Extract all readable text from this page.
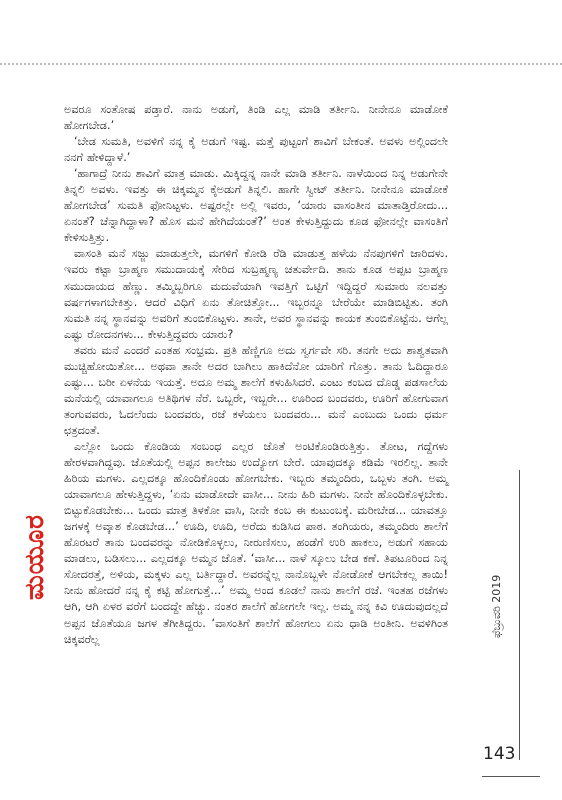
ಅವರೂ ಸಂತೋಷ ಪಡ್ತಾರೆ. ನಾನು ಅಡುಗೆ, ತಿಂಡಿ ಎಲ್ಲ ಮಾಡಿ ತರ್ತೀನಿ. ನೀನೇನೂ ಮಾಡೋಕೆ ಹೋಗಬೇಡ.’

‘ಬೇಡ ಸುಮತಿ, ಅವಳಿಗೆ ನನ್ನ ಕೈ ಅಡುಗೆ ಇಷ್ಟ. ಮತ್ತೆ ಪುಟ್ಟಂಗೆ ಶಾವಿಗೆ ಬೇಕಂತೆ. ಅವಳು ಅಲ್ಲಿಂದಲೇ ನನಗೆ ಹೇಳಿದ್ದಾಳೆ.’

‘ಹಾಗಾದ್ರೆ ನೀನು ಶಾವಿಗೆ ಮಾತ್ರ ಮಾಡು. ಮಿಕ್ಕಿದ್ದನ್ನ ನಾನೇ ಮಾಡಿ ತರ್ತೀನಿ. ನಾಳೆಯಿಂದ ನಿನ್ನ ಅಡುಗೇನೇ ತಿನ್ನಲಿ ಅವಳು. ಇವತ್ತು ಈ ಚಿಕ್ಕಮ್ಮನ ಕೈಅಡುಗೆ ತಿನ್ನಲಿ. ಹಾಗೇ ಸ್ವೀಟ್ ತರ್ತೀನಿ. ನೀನೇನೂ ಮಾಡೋಕೆ ಹೋಗಬೇಡ’ ಸುಮತಿ ಫೋನಿಟ್ಟಳು. ಅಷ್ಟರಲ್ಲೇ ಅಲ್ಲಿ ಇವರು, ‘ಯಾರು ವಾಸಂತೀನ ಮಾತಾಡ್ತಿರೋದು... ಏನಂತೆ? ಚೆನ್ನಾಗಿದ್ದಾಳಾ? ಹೊಸ ಮನೆ ಹೇಗಿದೆಯಂತೆ?’ ಅಂತ ಕೇಳುತ್ತಿದ್ದುದು ಕೂಡ ಫೋನಲ್ಲೇ ವಾಸಂತಿಗೆ ಕೇಳಿಸುತ್ತಿತ್ತು.

ವಾಸಂತಿ ಮನೆ ಸಜ್ಜು ಮಾಡುತ್ತಲೇ, ಮಗಳಿಗೆ ಕೋಡಿ ರೆಡಿ ಮಾಡುತ್ತ ಹಳೆಯ ನೆನಪುಗಳಿಗೆ ಜಾರಿದಳು. ಇವರು ಕಟ್ಟಾ ಬ್ರಾಹ್ಮಣ ಸಮುದಾಯಕ್ಕೆ ಸೇರಿದ ಸುಬ್ರಹ್ಮಣ್ಯ ಚತುರ್ವೇದಿ. ತಾನು ಕೂಡ ಅಪ್ಪಟ ಬ್ರಾಹ್ಮಣ ಸಮುದಾಯದ ಹೆಣ್ಣು. ತಮ್ಮಿಬ್ಬರಿಗೂ ಮದುವೆಯಾಗಿ ಇವತ್ತಿಗೆ ಒಟ್ಟಿಗೆ ಇದ್ದಿದ್ದರೆ ಸುಮಾರು ನಲವತ್ತು ವರ್ಷಗಳಾಗಬೇಕಿತ್ತು. ಆದರೆ ವಿಧಿಗೆ ಏನು ತೋಚಿತ್ತೋ... ಇಬ್ಬರನ್ನೂ ಬೇರೆಯೇ ಮಾಡಿಬಿಟ್ಟಿತು. ತಂಗಿ ಸುಮತಿ ನನ್ನ ಸ್ಥಾನವನ್ನು ಅವರಿಗೆ ತುಂಬಿಕೊಟ್ಟಳು. ತಾನೇ, ಅವರ ಸ್ಥಾನವನ್ನು ಕಾಯಕ ತುಂಬಿಕೊಟ್ಟೆನು. ಆಗೆಲ್ಲ ಎಷ್ಟು ರೋದನಗಳು... ಕೇಳುತ್ತಿದ್ದವರು ಯಾರು?

ತವರು ಮನೆ ಎಂದರೆ ಎಂತಹ ಸಂಭ್ರಮ. ಪ್ರತಿ ಹೆಣ್ಣಿಗೂ ಅದು ಸ್ವರ್ಗವೇ ಸರಿ. ತನಗೇ ಅದು ಶಾಶ್ವತವಾಗಿ ಮುಚ್ಚಿಹೋಯಿತೋ... ಅಥವಾ ತಾನೇ ಅದರ ಬಾಗಿಲು ಹಾಕಿದೆನೋ ಯಾರಿಗೆ ಗೊತ್ತು. ತಾನು ಓದಿದ್ದಾರೂ ಎಷ್ಟು... ಬರೀ ಏಳನೆಯ ಇಯತ್ತೆ. ಅದೂ ಅಮ್ಮ ಶಾಲೆಗೆ ಕಳುಹಿಸಿದರೆ. ಎಂಟು ಕಂಬದ ದೊಡ್ಡ ಪಡಸಾಲೆಯ ಮನೆಯಲ್ಲಿ ಯಾವಾಗಲೂ ಅತಿಥಿಗಳ ನೆರೆ. ಒಬ್ಬರೇ, ಇಬ್ಬರೇ... ಊರಿಂದ ಬಂದವರು, ಊರಿಗೆ ಹೋಗುವಾಗ ತಂಗುವವರು, ಓದಲೆಂದು ಬಂದವರು, ರಜೆ ಕಳೆಯಲು ಬಂದವರು... ಮನೆ ಎಂಬುದು ಒಂದು ಧರ್ಮ ಛತ್ರದಂತೆ.

ಎಲ್ಲೋ ಒಂದು ಕೊಂಡಿಯ ಸಂಬಂಧ ಎಲ್ಲರ ಜೊತೆ ಅಂಟಿಕೊಂಡಿರುತ್ತಿತ್ತು. ತೋಟ, ಗದ್ದೆಗಳು ಹೇರಳವಾಗಿದ್ದವು. ಜೊತೆಯಲ್ಲಿ ಅಪ್ಪನ ಕಾಲೇಜು ಉದ್ಯೋಗ ಬೇರೆ. ಯಾವುದಕ್ಕೂ ಕಡಿಮೆ ಇರಲಿಲ್ಲ. ತಾನೇ ಹಿರಿಯ ಮಗಳು. ಎಲ್ಲದಕ್ಕೂ ಹೊಂದಿಕೊಂಡು ಹೋಗಬೇಕು. ಇಬ್ಬರು ತಮ್ಮಂದಿರು, ಒಬ್ಬಳು ತಂಗಿ. ಅಮ್ಮ ಯಾವಾಗಲೂ ಹೇಳುತ್ತಿದ್ದಳು, ‘ಏನು ಮಾಡೋದೇ ವಾಸೀ... ನೀನು ಹಿರಿ ಮಗಳು. ನೀನೇ ಹೊಂದಿಕೊಳ್ಳಬೇಕು. ಬಿಟ್ಟುಕೊಡಬೇಕು... ಒಂದು ಮಾತ್ರ ತಿಳಕೋ ವಾಸಿ, ನೀನೇ ಕಂಬ ಈ ಕುಟುಂಬಕ್ಕೆ. ಮರೀಬೇಡ... ಯಾವತ್ತೂ ಜಗಳಕ್ಕೆ ಅವ್ಕಾಶ ಕೊಡಬೇಡ...’ ಊದಿ, ಊದಿ, ಅರೆದು ಕುಡಿಸಿದ ಪಾಠ. ತಂಗಿಯರು, ತಮ್ಮಂದಿರು ಶಾಲೆಗೆ ಹೊರಟರೆ ತಾನು ಬಂದವರನ್ನು ನೋಡಿಕೊಳ್ಳಲು, ನೀರುಣಿಸಲು, ಹಂಡೆಗೆ ಉರಿ ಹಾಕಲು, ಅಡುಗೆ ಸಹಾಯ ಮಾಡಲು, ಬಡಿಸಲು... ಎಲ್ಲದಕ್ಕೂ ಅಮ್ಮನ ಜೊತೆ. ‘ವಾಸೀ... ನಾಳೆ ಸ್ಕೂಲು ಬೇಡ ಕಣೆ. ತಿಪಟೂರಿಂದ ನಿನ್ನ ಸೋದರತ್ತೆ, ಅಳಿಯ, ಮಕ್ಕಳು ಎಲ್ಲ ಬರ್ತಿದ್ದಾರೆ. ಅವರನ್ನೆಲ್ಲ ನಾನೊಬ್ಬಳೇ ನೋಡೋಕೆ ಆಗಬೇಕಲ್ಲ ತಾಯಿ! ನೀನು ಹೋದರೆ ನನ್ನ ಕೈ ಕಟ್ಟಿ ಹೋಗುತ್ತೆ...’ ಅಮ್ಮ ಅಂದ ಕೂಡಲೆ ನಾನು ಶಾಲೆಗೆ ರಜೆ. ಇಂತಹ ರಜೆಗಳು ಆಗಿ, ಆಗಿ ಏಳರ ವರೆಗೆ ಬಂದದ್ದೇ ಹೆಚ್ಚು. ನಂತರ ಶಾಲೆಗೆ ಹೋಗಲೇ ಇಲ್ಲ. ಅಮ್ಮ ನನ್ನ ಕಿವಿ ಊದುವುದಲ್ಲದೆ ಅಪ್ಪನ ಜೊತೆಯೂ ಜಗಳ ತೆಗೀತಿದ್ದರು. ‘ವಾಸಂತಿಗೆ ಶಾಲೆಗೆ ಹೋಗಲು ಏನು ಧಾಡಿ ಅಂತೀನಿ. ಅವಳಿಗಿಂತ ಚಿಕ್ಕವರೆಲ್ಲ

ಮಯೂರ
ಫೆಬ್ರುವರಿ 2019
143
